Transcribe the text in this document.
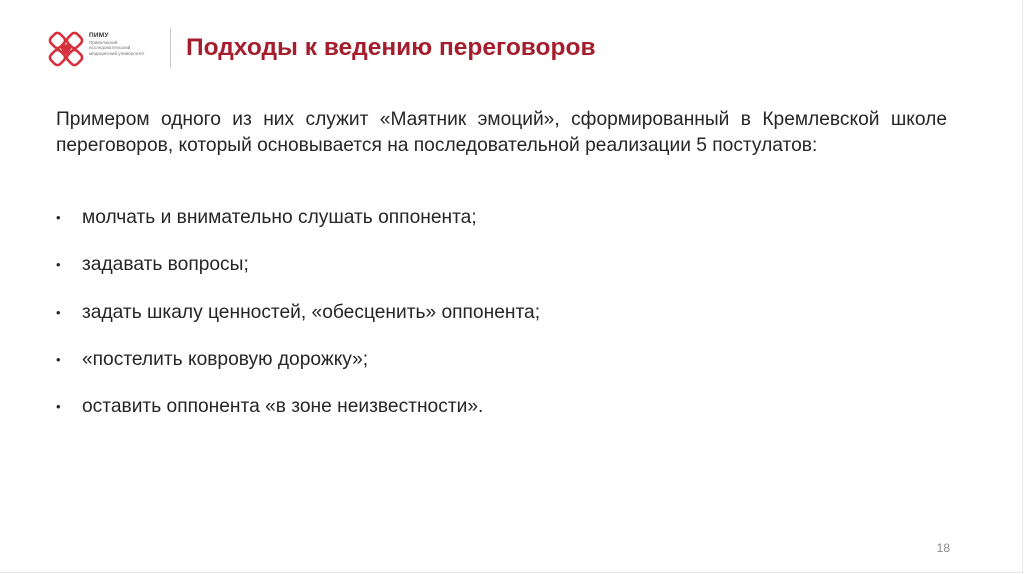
ПИМУ
Приволжский
исследовательский
медицинский университет	Подходы к ведению переговоров

Примером одного из них служит «Маятник эмоций», сформированный в Кремлевской школе переговоров, который основывается на последовательной реализации 5 постулатов:

•	молчать и внимательно слушать оппонента;
•	задавать вопросы;
•	задать шкалу ценностей, «обесценить» оппонента;
•	«постелить ковровую дорожку»;
•	оставить оппонента «в зоне неизвестности».
18
